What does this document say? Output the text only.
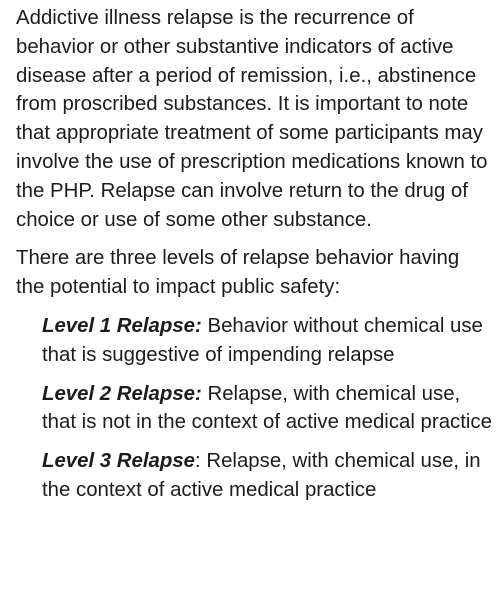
Addictive illness relapse is the recurrence of behavior or other substantive indicators of active disease after a period of remission, i.e., abstinence from proscribed substances. It is important to note that appropriate treatment of some participants may involve the use of prescription medications known to the PHP. Relapse can involve return to the drug of choice or use of some other substance.

There are three levels of relapse behavior having the potential to impact public safety:

Level 1 Relapse: Behavior without chemical use that is suggestive of impending relapse

Level 2 Relapse: Relapse, with chemical use, that is not in the context of active medical practice

Level 3 Relapse: Relapse, with chemical use, in the context of active medical practice
